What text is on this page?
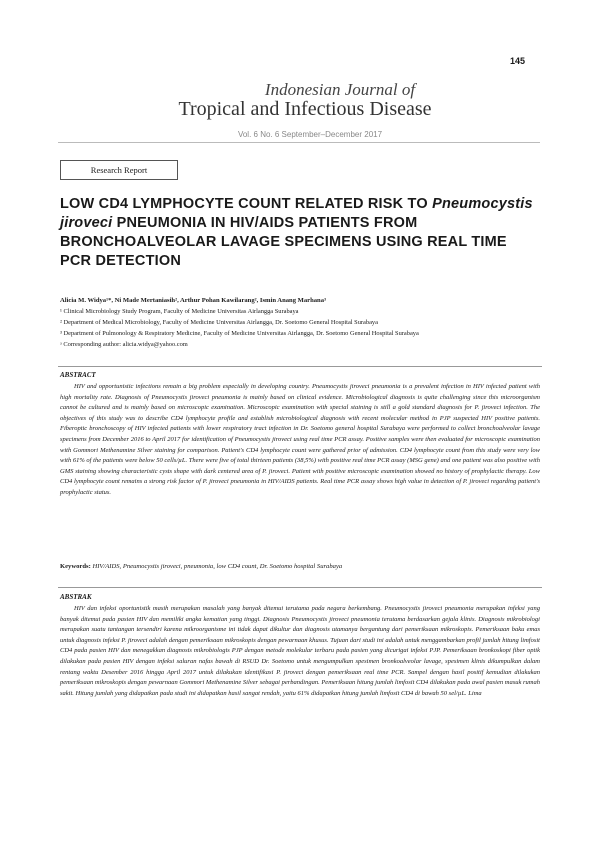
145
Indonesian Journal of
Tropical and Infectious Disease
Vol. 6 No. 6 September–December 2017
Research Report
LOW CD4 LYMPHOCYTE COUNT RELATED RISK TO Pneumocystis jiroveci PNEUMONIA IN HIV/AIDS PATIENTS FROM BRONCHOALVEOLAR LAVAGE SPECIMENS USING REAL TIME PCR DETECTION
Alicia M. Widya¹*, Ni Made Mertaniasih², Arthur Pohan Kawilarang², Ismin Anang Marhana³
¹ Clinical Microbiology Study Program, Faculty of Medicine Universitas Airlangga Surabaya
² Department of Medical Microbiology, Faculty of Medicine Universitas Airlangga, Dr. Soetomo General Hospital Surabaya
³ Department of Pulmonology & Respiratory Medicine, Faculty of Medicine Universitas Airlangga, Dr. Soetomo General Hospital Surabaya
ᵃ Corresponding author: alicia.widya@yahoo.com
ABSTRACT
HIV and opportunistic infections remain a big problem especially in developing country. Pneumocystis jiroveci pneumonia is a prevalent infection in HIV infected patient with high mortality rate. Diagnosis of Pneumocystis jiroveci pneumonia is mainly based on clinical evidence. Microbiological diagnosis is quite challenging since this microorganism cannot be cultured and is mainly based on microscopic examination. Microscopic examination with special staining is still a gold standard diagnosis for P. jiroveci infection. The objectives of this study was to describe CD4 lymphocyte profile and establish microbiological diagnosis with recent molecular method in PJP suspected HIV positive patients. Fiberoptic bronchoscopy of HIV infected patients with lower respiratory tract infection in Dr. Soetomo general hospital Surabaya were performed to collect bronchoalveolar lavage specimens from December 2016 to April 2017 for identification of Pneumocystis jiroveci using real time PCR assay. Positive samples were then evaluated for microscopic examination with Gommori Methenamine Silver staining for comparison. Patient's CD4 lymphocyte count were gathered prior of admission. CD4 lymphocyte count from this study were very low with 61% of the patients were below 50 cells/µL. There were five of total thirteen patients (38,5%) with positive real time PCR assay (MSG gene) and one patient was also positive with GMS staining showing characteristic cysts shape with dark centered area of P. jiroveci. Patient with positive microscopic examination showed no history of prophylactic therapy. Low CD4 lymphocyte count remains a strong risk factor of P. jiroveci pneumonia in HIV/AIDS patients. Real time PCR assay shows high value in detection of P. jiroveci regarding patient's prophylactic status.
Keywords: HIV/AIDS, Pneumocystis jiroveci, pneumonia, low CD4 count, Dr. Soetomo hospital Surabaya
ABSTRAK
HIV dan infeksi oportunistik masih merupakan masalah yang banyak ditemui terutama pada negara berkembang. Pneumocystis jiroveci pneumonia merupakan infeksi yang banyak ditemui pada pasien HIV dan memiliki angka kematian yang tinggi. Diagnosis Pneumocystis jiroveci pneumonia terutama berdasarkan gejala klinis. Diagnosis mikrobiologi merupakan suatu tantangan tersendiri karena mikroorganisme ini tidak dapat dikultur dan diagnosis utamanya bergantung dari pemeriksaan mikroskopis. Pemeriksaan baku emas untuk diagnosis infeksi P. jiroveci adalah dengan pemeriksaan mikroskopis dengan pewarnaan khusus. Tujuan dari studi ini adalah untuk menggambarkan profil jumlah hitung limfosit CD4 pada pasien HIV dan menegakkan diagnosis mikrobiologis PJP dengan metode molekular terbaru pada pasien yang dicurigai infeksi PJP. Pemeriksaan bronkoskopi fiber optik dilakukan pada pasien HIV dengan infeksi saluran nafas bawah di RSUD Dr. Soetomo untuk mengumpulkan spesimen bronkoalveolar lavage, spesimen klinis dikumpulkan dalam rentang waktu Desember 2016 hingga April 2017 untuk dilakukan identifikasi P. jiroveci dengan pemeriksaan real time PCR. Sampel dengan hasil positif kemudian dilakukan pemeriksaan mikroskopis dengan pewarnaan Gommori Methenamine Silver sebagai perbandingan. Pemeriksaan hitung jumlah limfosit CD4 dilakukan pada awal pasien masuk rumah sakit. Hitung jumlah yang didapatkan pada studi ini didapatkan hasil sangat rendah, yaitu 61% didapatkan hitung jumlah limfosit CD4 di bawah 50 sel/µL. Lima
